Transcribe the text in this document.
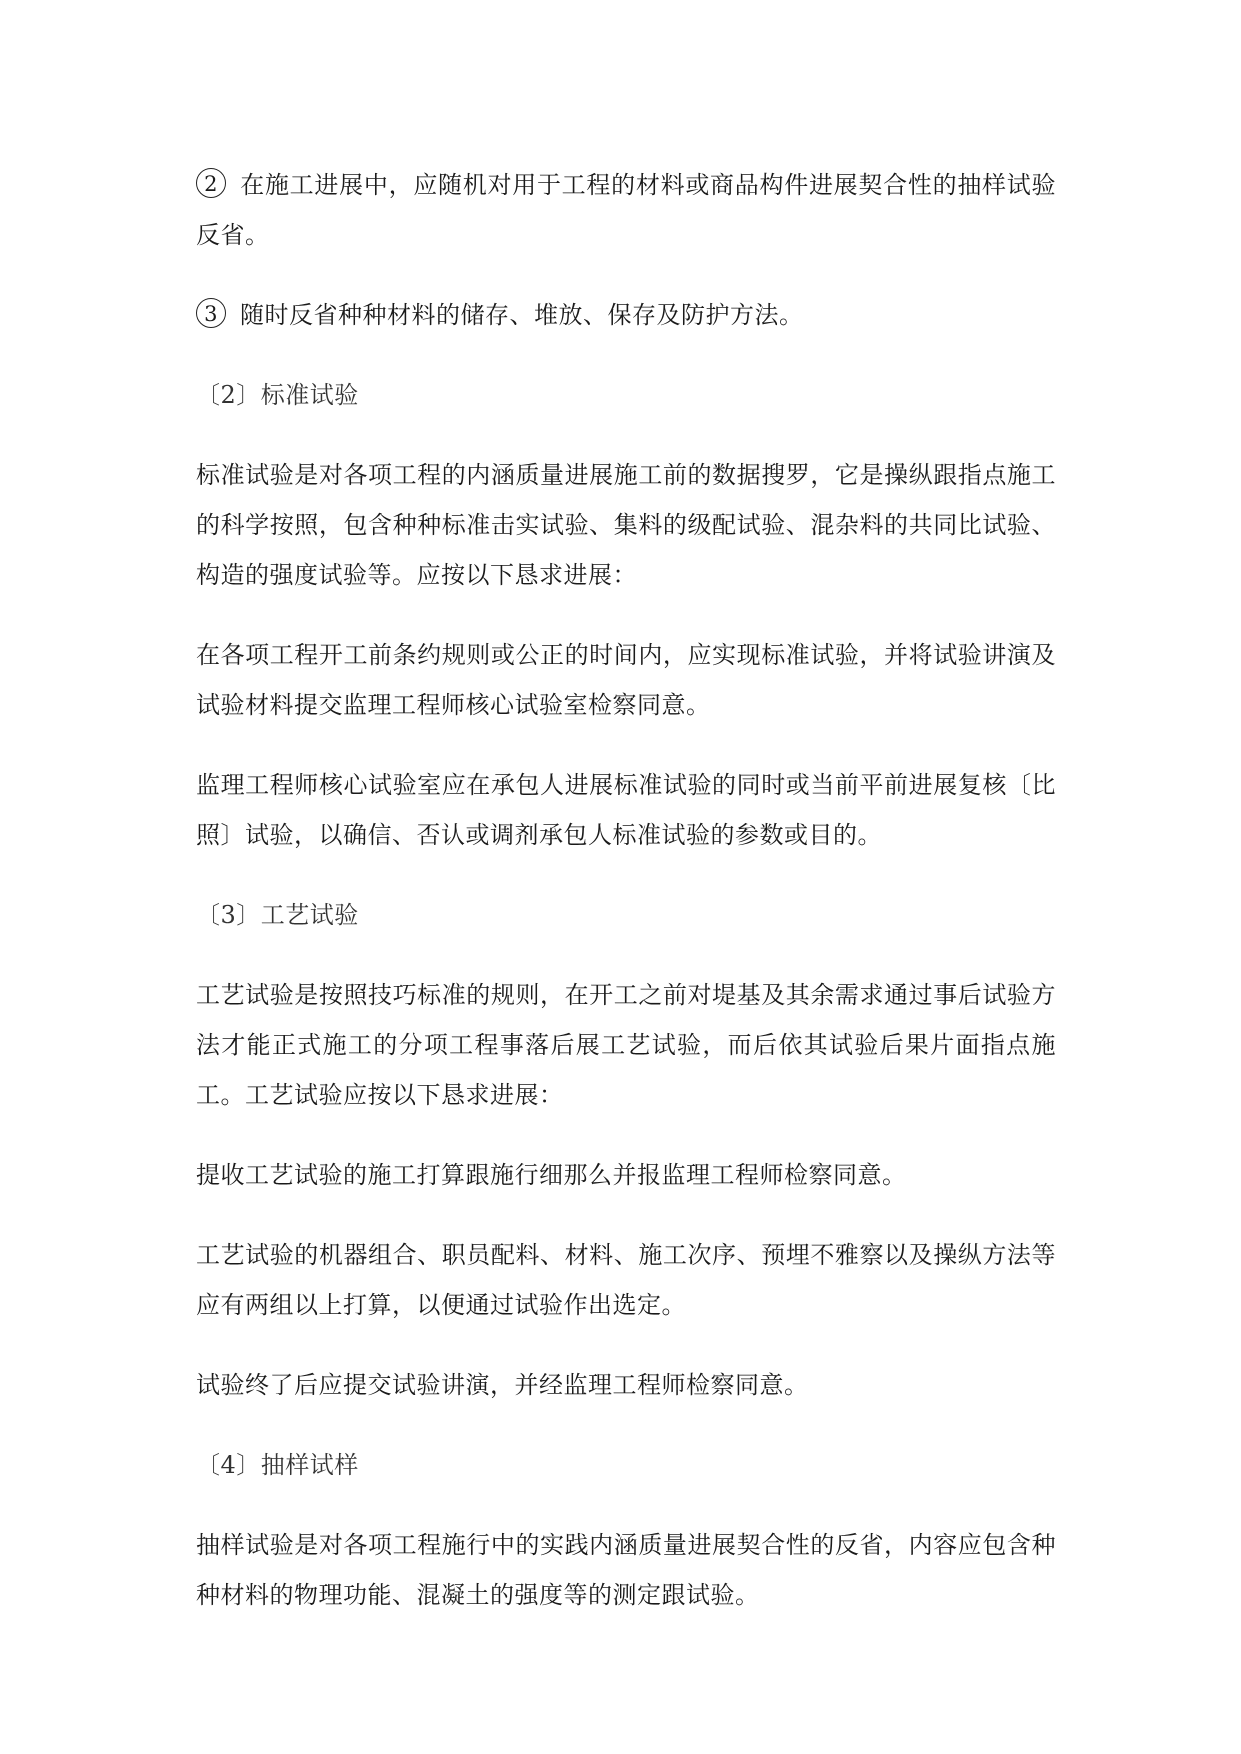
2 在施工进展中，应随机对用于工程的材料或商品构件进展契合性的抽样试验反省。

3 随时反省种种材料的储存、堆放、保存及防护方法。

〔2〕标准试验

标准试验是对各项工程的内涵质量进展施工前的数据搜罗，它是操纵跟指点施工的科学按照，包含种种标准击实试验、集料的级配试验、混杂料的共同比试验、构造的强度试验等。应按以下恳求进展：

在各项工程开工前条约规则或公正的时间内，应实现标准试验，并将试验讲演及试验材料提交监理工程师核心试验室检察同意。

监理工程师核心试验室应在承包人进展标准试验的同时或当前平前进展复核〔比照〕试验，以确信、否认或调剂承包人标准试验的参数或目的。

〔3〕工艺试验

工艺试验是按照技巧标准的规则，在开工之前对堤基及其余需求通过事后试验方法才能正式施工的分项工程事落后展工艺试验，而后依其试验后果片面指点施工。工艺试验应按以下恳求进展：

提收工艺试验的施工打算跟施行细那么并报监理工程师检察同意。

工艺试验的机器组合、职员配料、材料、施工次序、预埋不雅察以及操纵方法等应有两组以上打算，以便通过试验作出选定。

试验终了后应提交试验讲演，并经监理工程师检察同意。

〔4〕抽样试样

抽样试验是对各项工程施行中的实践内涵质量进展契合性的反省，内容应包含种种材料的物理功能、混凝土的强度等的测定跟试验。
